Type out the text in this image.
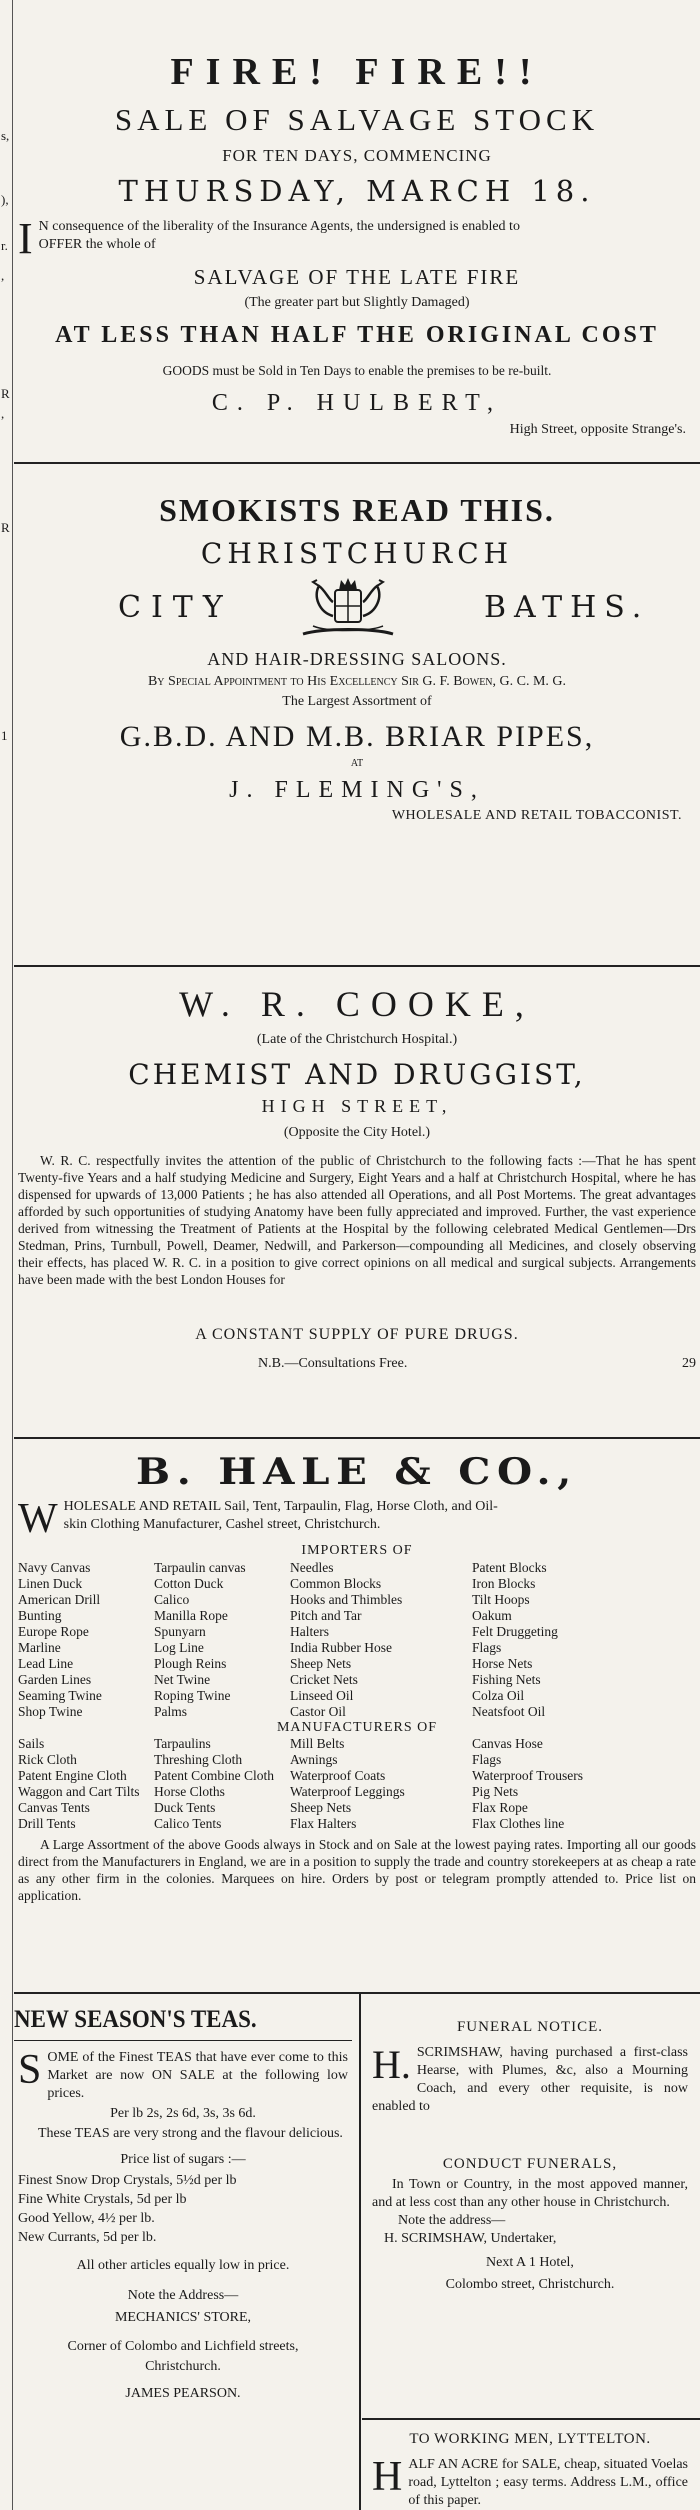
s,
),
r.
,
R
,
R
1
FIRE! FIRE!!
SALE OF SALVAGE STOCK
FOR TEN DAYS, COMMENCING
THURSDAY, MARCH 18.
I N consequence of the liberality of the Insurance Agents, the undersigned is enabled to
OFFER the whole of
SALVAGE OF THE LATE FIRE
(The greater part but Slightly Damaged)
AT LESS THAN HALF THE ORIGINAL COST
GOODS must be Sold in Ten Days to enable the premises to be re-built.
C. P. HULBERT,
High Street, opposite Strange's.
SMOKISTS READ THIS.
CHRISTCHURCH
CITY	BATHS.
AND HAIR-DRESSING SALOONS.
By Special Appointment to His Excellency Sir G. F. Bowen, G. C. M. G.
The Largest Assortment of
G.B.D. AND M.B. BRIAR PIPES,
AT
J. FLEMING'S,
WHOLESALE AND RETAIL TOBACCONIST.
W. R. COOKE,
(Late of the Christchurch Hospital.)
CHEMIST AND DRUGGIST,
HIGH STREET,
(Opposite the City Hotel.)

W. R. C. respectfully invites the attention of the public of Christchurch to the following facts :—That he has spent Twenty-five Years and a half studying Medicine and Surgery, Eight Years and a half at Christchurch Hospital, where he has dispensed for upwards of 13,000 Patients ; he has also attended all Operations, and all Post Mortems. The great advantages afforded by such opportunities of studying Anatomy have been fully appreciated and improved. Further, the vast experience derived from witnessing the Treatment of Patients at the Hospital by the following celebrated Medical Gentlemen—Drs Stedman, Prins, Turnbull, Powell, Deamer, Nedwill, and Parkerson—compounding all Medicines, and closely observing their effects, has placed W. R. C. in a position to give correct opinions on all medical and surgical subjects. Arrangements have been made with the best London Houses for

A CONSTANT SUPPLY OF PURE DRUGS.
N.B.—Consultations Free.	29
B. HALE & CO.,
W HOLESALE AND RETAIL Sail, Tent, Tarpaulin, Flag, Horse Cloth, and Oil-
skin Clothing Manufacturer, Cashel street, Christchurch.
IMPORTERS OF
Navy Canvas	Tarpaulin canvas	Needles	Patent Blocks
Linen Duck	Cotton Duck	Common Blocks	Iron Blocks
American Drill	Calico	Hooks and Thimbles	Tilt Hoops
Bunting	Manilla Rope	Pitch and Tar	Oakum
Europe Rope	Spunyarn	Halters	Felt Druggeting
Marline	Log Line	India Rubber Hose	Flags
Lead Line	Plough Reins	Sheep Nets	Horse Nets
Garden Lines	Net Twine	Cricket Nets	Fishing Nets
Seaming Twine	Roping Twine	Linseed Oil	Colza Oil
Shop Twine	Palms	Castor Oil	Neatsfoot Oil
MANUFACTURERS OF
Sails	Tarpaulins	Mill Belts	Canvas Hose
Rick Cloth	Threshing Cloth	Awnings	Flags
Patent Engine Cloth	Patent Combine Cloth	Waterproof Coats	Waterproof Trousers
Waggon and Cart Tilts	Horse Cloths	Waterproof Leggings	Pig Nets
Canvas Tents	Duck Tents	Sheep Nets	Flax Rope
Drill Tents	Calico Tents	Flax Halters	Flax Clothes line

A Large Assortment of the above Goods always in Stock and on Sale at the lowest paying rates. Importing all our goods direct from the Manufacturers in England, we are in a position to supply the trade and country storekeepers at as cheap a rate as any other firm in the colonies. Marquees on hire. Orders by post or telegram promptly attended to. Price list on application.

NEW SEASON'S TEAS.
S OME of the Finest TEAS that have ever come to this Market are now ON SALE at the following low prices.
Per lb 2s, 2s 6d, 3s, 3s 6d.

These TEAS are very strong and the flavour delicious.

Price list of sugars :—
Finest Snow Drop Crystals, 5½d per lb
Fine White Crystals, 5d per lb
Good Yellow, 4½ per lb.
New Currants, 5d per lb.
All other articles equally low in price.
Note the Address—
MECHANICS' STORE,
Corner of Colombo and Lichfield streets,
Christchurch.
JAMES PEARSON.
FUNERAL NOTICE.
H. SCRIMSHAW, having purchased a first-class Hearse, with Plumes, &c, also a Mourning Coach, and every other requisite, is now enabled to
CONDUCT FUNERALS,

In Town or Country, in the most appoved manner, and at less cost than any other house in Christchurch.

Note the address—
H. SCRIMSHAW, Undertaker,
Next A 1 Hotel,
Colombo street, Christchurch.
TO WORKING MEN, LYTTELTON.
H ALF AN ACRE for SALE, cheap, situated Voelas road, Lyttelton ; easy terms. Address L.M., office of this paper.
